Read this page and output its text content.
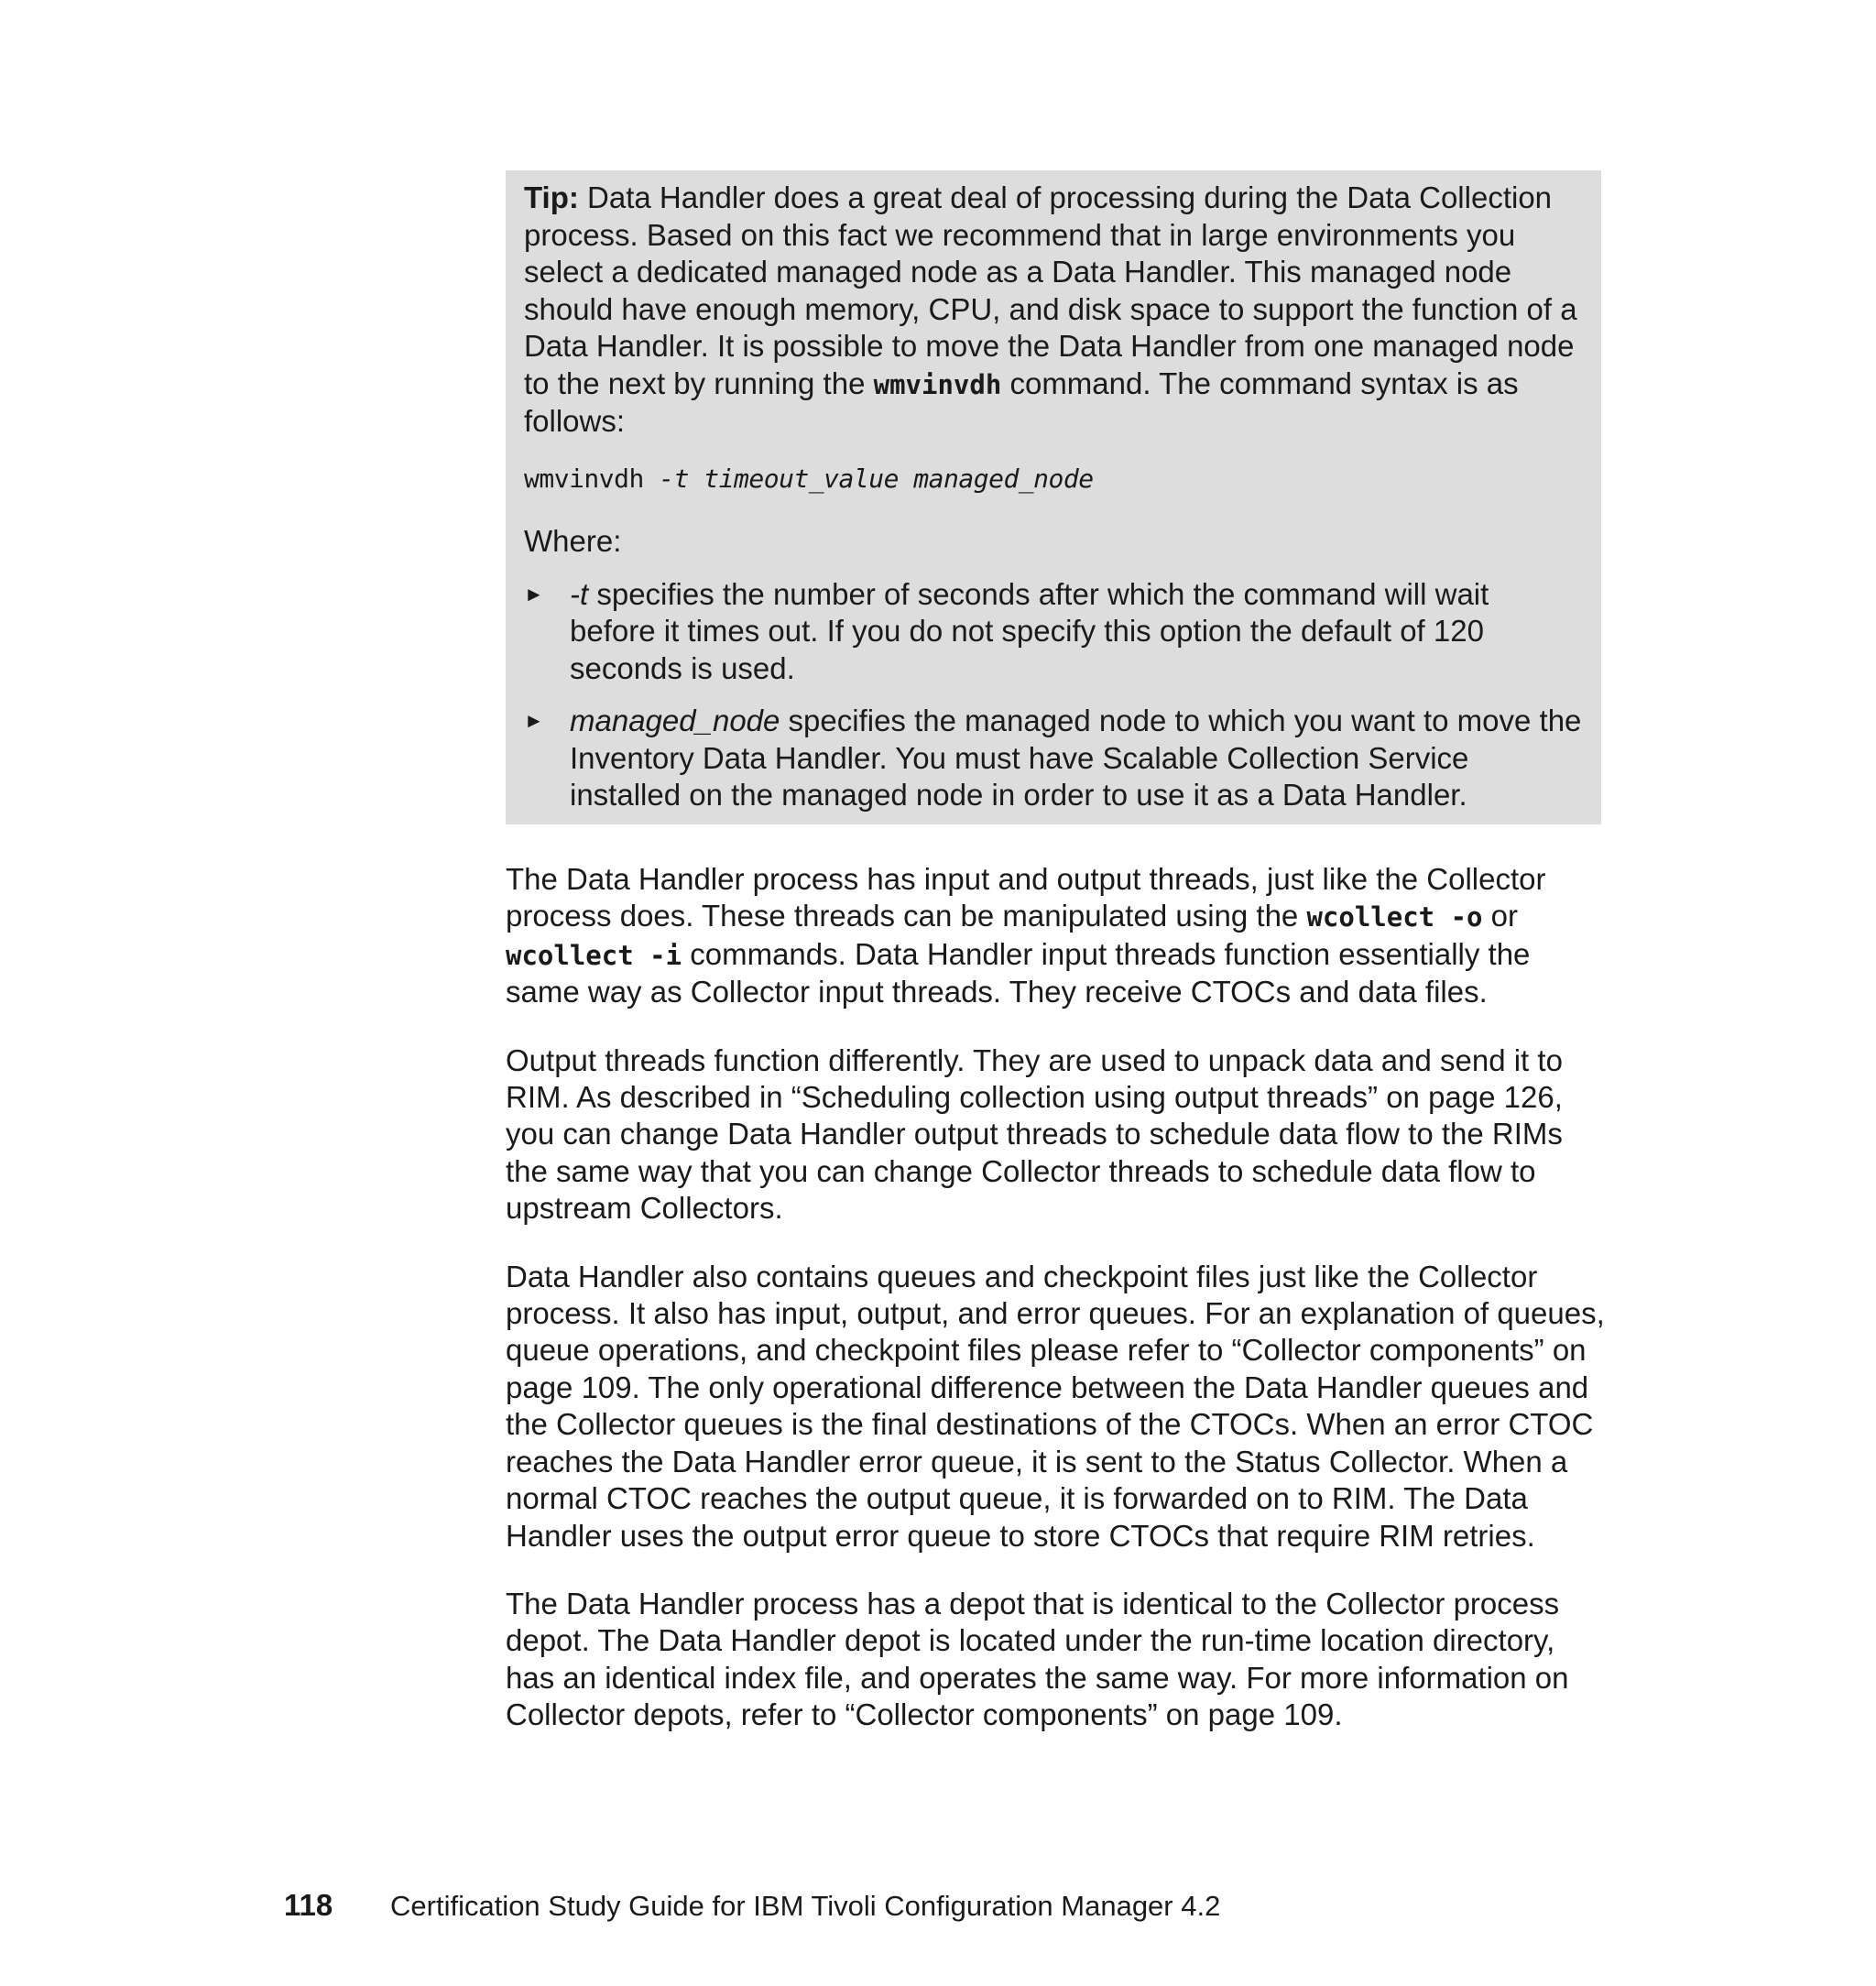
Tip: Data Handler does a great deal of processing during the Data Collection process. Based on this fact we recommend that in large environments you select a dedicated managed node as a Data Handler. This managed node should have enough memory, CPU, and disk space to support the function of a Data Handler. It is possible to move the Data Handler from one managed node to the next by running the wmvinvdh command. The command syntax is as follows:

wmvinvdh -t timeout_value managed_node

Where:

► -t specifies the number of seconds after which the command will wait before it times out. If you do not specify this option the default of 120 seconds is used.
► managed_node specifies the managed node to which you want to move the Inventory Data Handler. You must have Scalable Collection Service installed on the managed node in order to use it as a Data Handler.

The Data Handler process has input and output threads, just like the Collector process does. These threads can be manipulated using the wcollect -o or wcollect -i commands. Data Handler input threads function essentially the same way as Collector input threads. They receive CTOCs and data files.

Output threads function differently. They are used to unpack data and send it to RIM. As described in “Scheduling collection using output threads” on page 126, you can change Data Handler output threads to schedule data flow to the RIMs the same way that you can change Collector threads to schedule data flow to upstream Collectors.

Data Handler also contains queues and checkpoint files just like the Collector process. It also has input, output, and error queues. For an explanation of queues, queue operations, and checkpoint files please refer to “Collector components” on page 109. The only operational difference between the Data Handler queues and the Collector queues is the final destinations of the CTOCs. When an error CTOC reaches the Data Handler error queue, it is sent to the Status Collector. When a normal CTOC reaches the output queue, it is forwarded on to RIM. The Data Handler uses the output error queue to store CTOCs that require RIM retries.

The Data Handler process has a depot that is identical to the Collector process depot. The Data Handler depot is located under the run-time location directory, has an identical index file, and operates the same way. For more information on Collector depots, refer to “Collector components” on page 109.

118 Certification Study Guide for IBM Tivoli Configuration Manager 4.2
